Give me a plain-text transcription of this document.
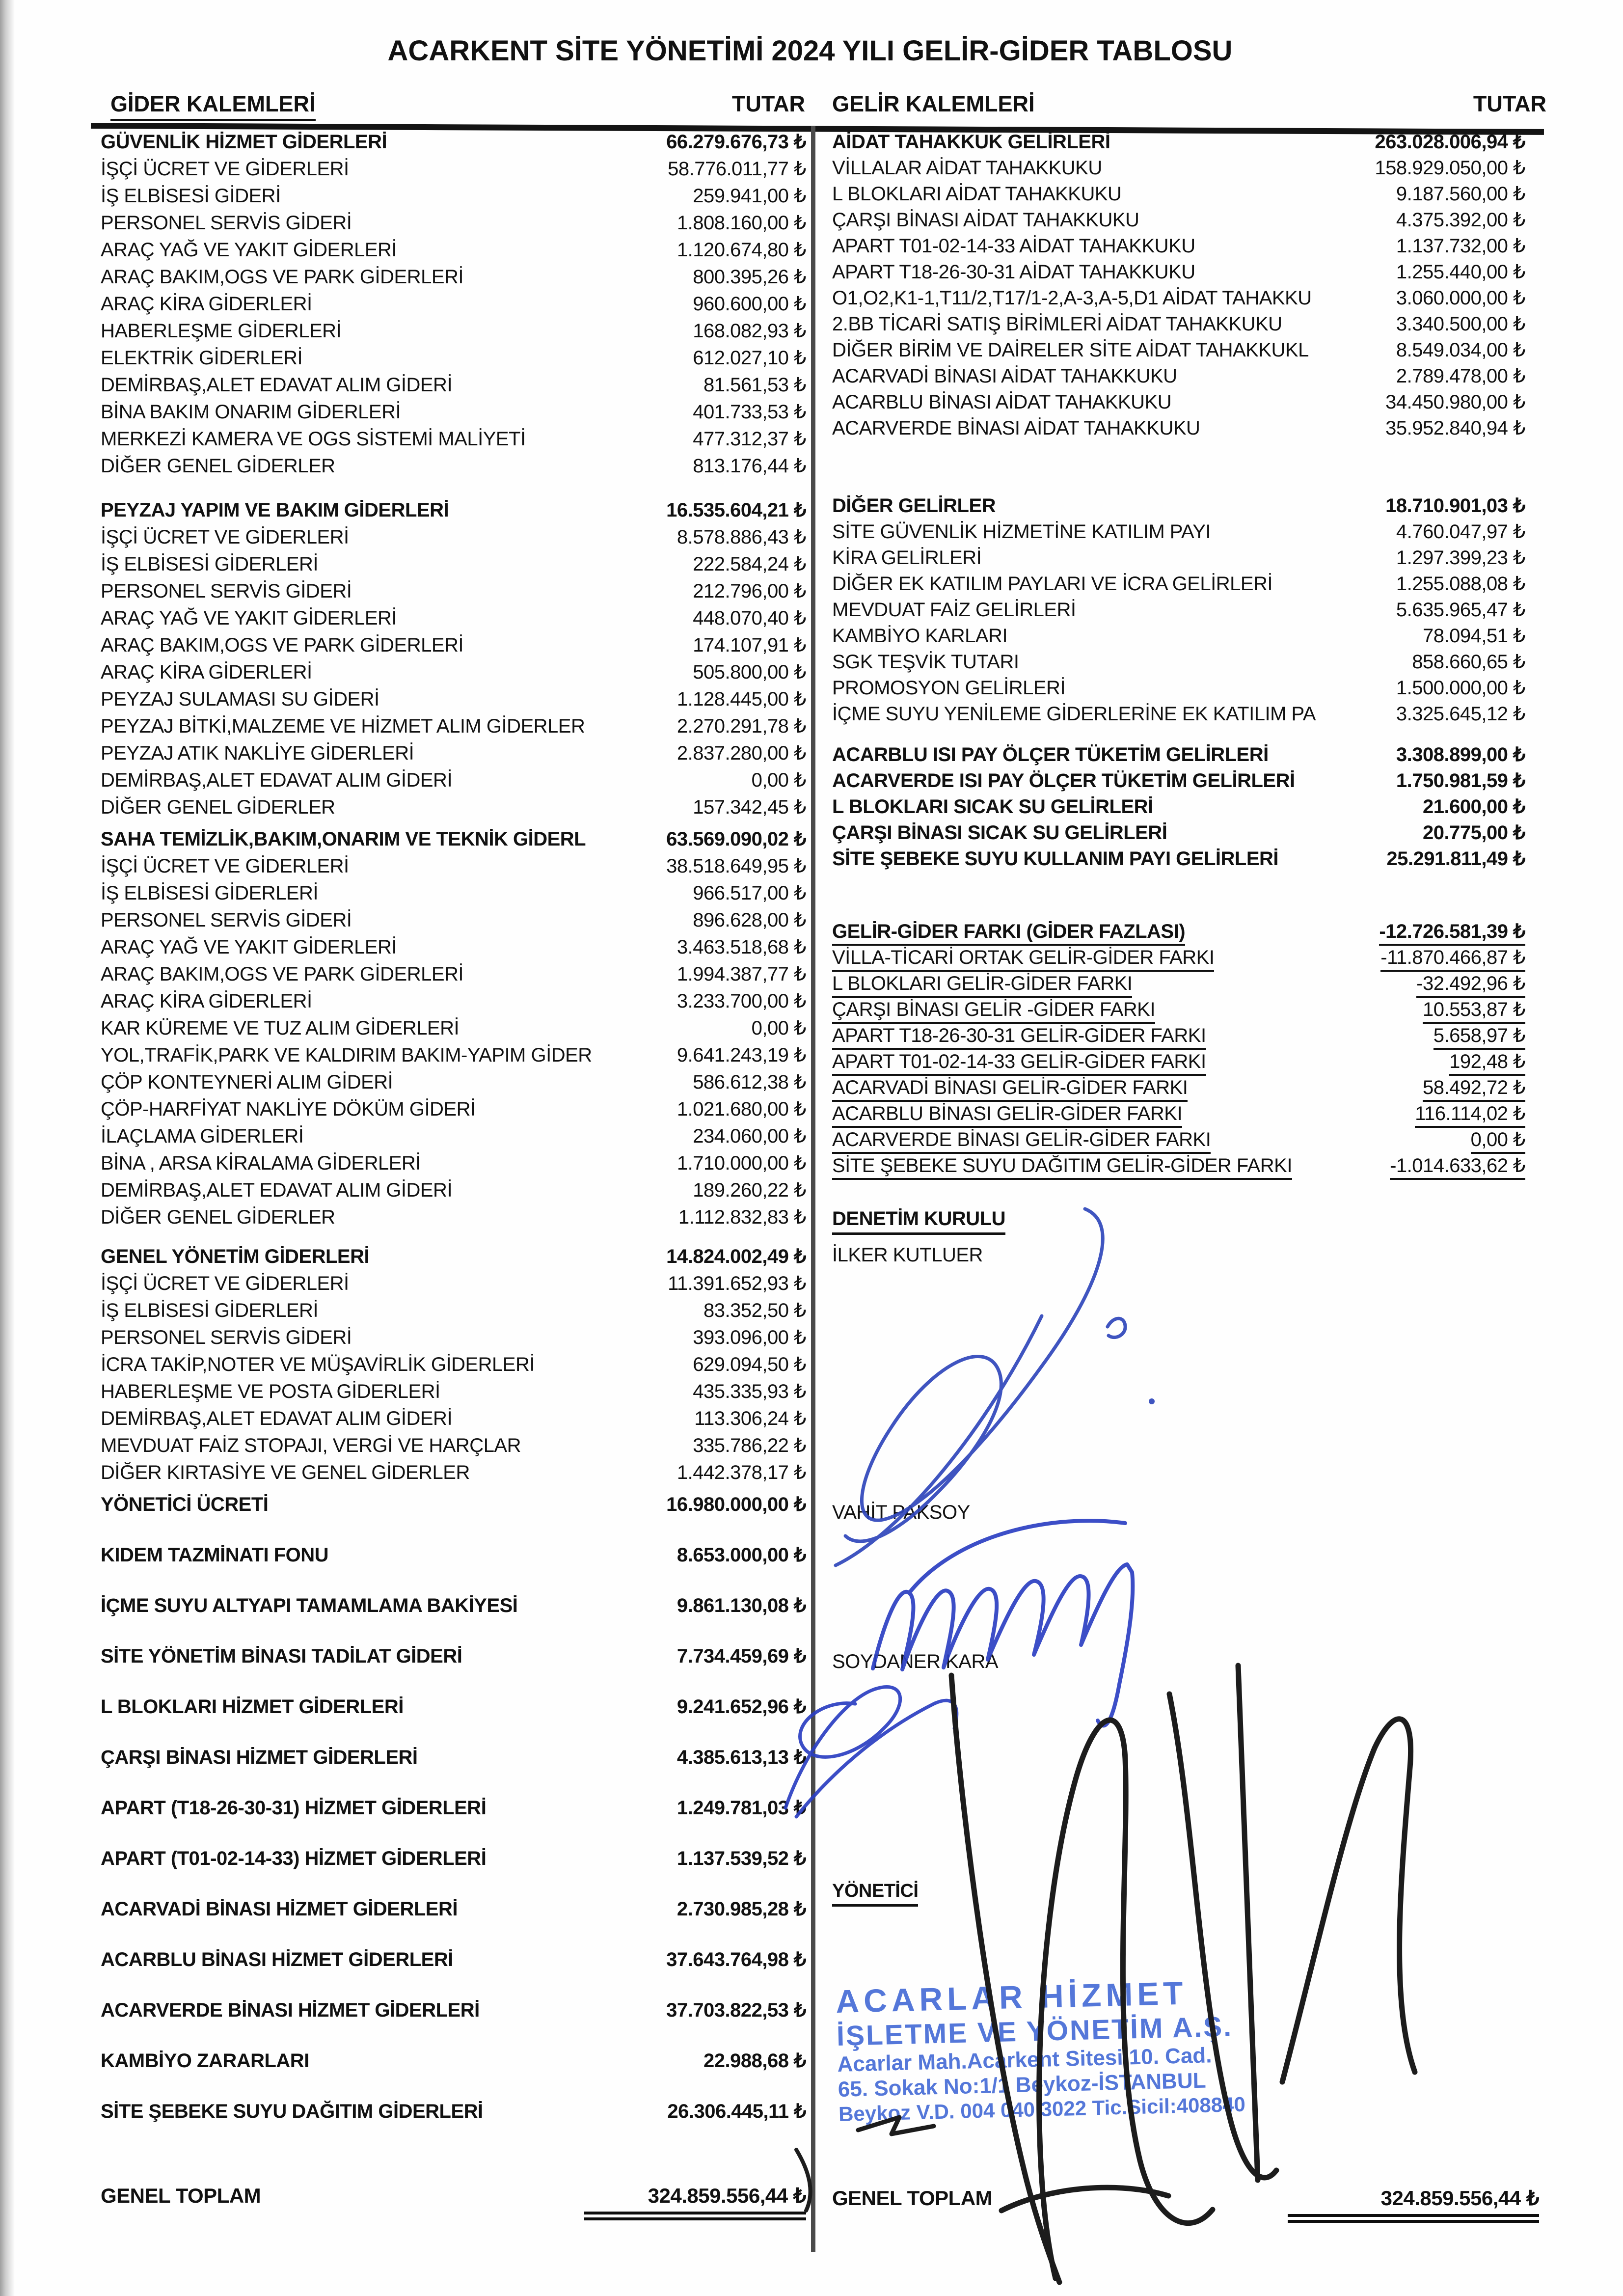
ACARKENT SİTE YÖNETİMİ 2024 YILI GELİR-GİDER TABLOSU
GİDER KALEMLERİ	TUTAR GELİR KALEMLERİ	TUTAR
GÜVENLİK HİZMET GİDERLERİ	66.279.676,73 ₺
İŞÇİ ÜCRET VE GİDERLERİ	58.776.011,77 ₺
İŞ ELBİSESİ GİDERİ	259.941,00 ₺
PERSONEL SERVİS GİDERİ	1.808.160,00 ₺
ARAÇ YAĞ VE YAKIT GİDERLERİ	1.120.674,80 ₺
ARAÇ BAKIM,OGS VE PARK GİDERLERİ	800.395,26 ₺
ARAÇ KİRA GİDERLERİ	960.600,00 ₺
HABERLEŞME GİDERLERİ	168.082,93 ₺
ELEKTRİK GİDERLERİ	612.027,10 ₺
DEMİRBAŞ,ALET EDAVAT ALIM GİDERİ	81.561,53 ₺
BİNA BAKIM ONARIM GİDERLERİ	401.733,53 ₺
MERKEZİ KAMERA VE OGS SİSTEMİ MALİYETİ	477.312,37 ₺
DİĞER GENEL GİDERLER	813.176,44 ₺
PEYZAJ YAPIM VE BAKIM GİDERLERİ	16.535.604,21 ₺
İŞÇİ ÜCRET VE GİDERLERİ	8.578.886,43 ₺
İŞ ELBİSESİ GİDERLERİ	222.584,24 ₺
PERSONEL SERVİS GİDERİ	212.796,00 ₺
ARAÇ YAĞ VE YAKIT GİDERLERİ	448.070,40 ₺
ARAÇ BAKIM,OGS VE PARK GİDERLERİ	174.107,91 ₺
ARAÇ KİRA GİDERLERİ	505.800,00 ₺
PEYZAJ SULAMASI SU GİDERİ	1.128.445,00 ₺
PEYZAJ BİTKİ,MALZEME VE HİZMET ALIM GİDERLER	2.270.291,78 ₺
PEYZAJ ATIK NAKLİYE GİDERLERİ	2.837.280,00 ₺
DEMİRBAŞ,ALET EDAVAT ALIM GİDERİ	0,00 ₺
DİĞER GENEL GİDERLER	157.342,45 ₺
SAHA TEMİZLİK,BAKIM,ONARIM VE TEKNİK GİDERL	63.569.090,02 ₺
İŞÇİ ÜCRET VE GİDERLERİ	38.518.649,95 ₺
İŞ ELBİSESİ GİDERLERİ	966.517,00 ₺
PERSONEL SERVİS GİDERİ	896.628,00 ₺
ARAÇ YAĞ VE YAKIT GİDERLERİ	3.463.518,68 ₺
ARAÇ BAKIM,OGS VE PARK GİDERLERİ	1.994.387,77 ₺
ARAÇ KİRA GİDERLERİ	3.233.700,00 ₺
KAR KÜREME VE TUZ ALIM GİDERLERİ	0,00 ₺
YOL,TRAFİK,PARK VE KALDIRIM BAKIM-YAPIM GİDER	9.641.243,19 ₺
ÇÖP KONTEYNERİ ALIM GİDERİ	586.612,38 ₺
ÇÖP-HARFİYAT NAKLİYE DÖKÜM GİDERİ	1.021.680,00 ₺
İLAÇLAMA GİDERLERİ	234.060,00 ₺
BİNA , ARSA KİRALAMA GİDERLERİ	1.710.000,00 ₺
DEMİRBAŞ,ALET EDAVAT ALIM GİDERİ	189.260,22 ₺
DİĞER GENEL GİDERLER	1.112.832,83 ₺
GENEL YÖNETİM GİDERLERİ	14.824.002,49 ₺
İŞÇİ ÜCRET VE GİDERLERİ	11.391.652,93 ₺
İŞ ELBİSESİ GİDERLERİ	83.352,50 ₺
PERSONEL SERVİS GİDERİ	393.096,00 ₺
İCRA TAKİP,NOTER VE MÜŞAVİRLİK GİDERLERİ	629.094,50 ₺
HABERLEŞME VE POSTA GİDERLERİ	435.335,93 ₺
DEMİRBAŞ,ALET EDAVAT ALIM GİDERİ	113.306,24 ₺
MEVDUAT FAİZ STOPAJI, VERGİ VE HARÇLAR	335.786,22 ₺
DİĞER KIRTASİYE VE GENEL GİDERLER	1.442.378,17 ₺
YÖNETİCİ ÜCRETİ	16.980.000,00 ₺
KIDEM TAZMİNATI FONU	8.653.000,00 ₺
İÇME SUYU ALTYAPI TAMAMLAMA BAKİYESİ	9.861.130,08 ₺
SİTE YÖNETİM BİNASI TADİLAT GİDERİ	7.734.459,69 ₺
L BLOKLARI HİZMET GİDERLERİ	9.241.652,96 ₺
ÇARŞI BİNASI HİZMET GİDERLERİ	4.385.613,13 ₺
APART (T18-26-30-31) HİZMET GİDERLERİ	1.249.781,03 ₺
APART (T01-02-14-33) HİZMET GİDERLERİ	1.137.539,52 ₺
ACARVADİ BİNASI HİZMET GİDERLERİ	2.730.985,28 ₺
ACARBLU BİNASI HİZMET GİDERLERİ	37.643.764,98 ₺
ACARVERDE BİNASI HİZMET GİDERLERİ	37.703.822,53 ₺
KAMBİYO ZARARLARI	22.988,68 ₺
SİTE ŞEBEKE SUYU DAĞITIM GİDERLERİ	26.306.445,11 ₺
GENEL TOPLAM	324.859.556,44 ₺
AİDAT TAHAKKUK GELİRLERİ	263.028.006,94 ₺
VİLLALAR AİDAT TAHAKKUKU	158.929.050,00 ₺
L BLOKLARI AİDAT TAHAKKUKU	9.187.560,00 ₺
ÇARŞI BİNASI AİDAT TAHAKKUKU	4.375.392,00 ₺
APART T01-02-14-33 AİDAT TAHAKKUKU	1.137.732,00 ₺
APART T18-26-30-31 AİDAT TAHAKKUKU	1.255.440,00 ₺
O1,O2,K1-1,T11/2,T17/1-2,A-3,A-5,D1 AİDAT TAHAKKU	3.060.000,00 ₺
2.BB TİCARİ SATIŞ BİRİMLERİ AİDAT TAHAKKUKU	3.340.500,00 ₺
DİĞER BİRİM VE DAİRELER SİTE AİDAT TAHAKKUKL	8.549.034,00 ₺
ACARVADİ BİNASI AİDAT TAHAKKUKU	2.789.478,00 ₺
ACARBLU BİNASI AİDAT TAHAKKUKU	34.450.980,00 ₺
ACARVERDE BİNASI AİDAT TAHAKKUKU	35.952.840,94 ₺
DİĞER GELİRLER	18.710.901,03 ₺
SİTE GÜVENLİK HİZMETİNE KATILIM PAYI	4.760.047,97 ₺
KİRA GELİRLERİ	1.297.399,23 ₺
DİĞER EK KATILIM PAYLARI VE İCRA GELİRLERİ	1.255.088,08 ₺
MEVDUAT FAİZ GELİRLERİ	5.635.965,47 ₺
KAMBİYO KARLARI	78.094,51 ₺
SGK TEŞVİK TUTARI	858.660,65 ₺
PROMOSYON GELİRLERİ	1.500.000,00 ₺
İÇME SUYU YENİLEME GİDERLERİNE EK KATILIM PA	3.325.645,12 ₺
ACARBLU ISI PAY ÖLÇER TÜKETİM GELİRLERİ	3.308.899,00 ₺
ACARVERDE ISI PAY ÖLÇER TÜKETİM GELİRLERİ	1.750.981,59 ₺
L BLOKLARI SICAK SU GELİRLERİ	21.600,00 ₺
ÇARŞI BİNASI SICAK SU GELİRLERİ	20.775,00 ₺
SİTE ŞEBEKE SUYU KULLANIM PAYI GELİRLERİ	25.291.811,49 ₺
GELİR-GİDER FARKI (GİDER FAZLASI)	-12.726.581,39 ₺
VİLLA-TİCARİ ORTAK GELİR-GİDER FARKI	-11.870.466,87 ₺
L BLOKLARI GELİR-GİDER FARKI	-32.492,96 ₺
ÇARŞI BİNASI GELİR -GİDER FARKI	10.553,87 ₺
APART T18-26-30-31 GELİR-GİDER FARKI	5.658,97 ₺
APART T01-02-14-33 GELİR-GİDER FARKI	192,48 ₺
ACARVADİ BİNASI GELİR-GİDER FARKI	58.492,72 ₺
ACARBLU BİNASI GELİR-GİDER FARKI	116.114,02 ₺
ACARVERDE BİNASI GELİR-GİDER FARKI	0,00 ₺
SİTE ŞEBEKE SUYU DAĞITIM GELİR-GİDER FARKI	-1.014.633,62 ₺
DENETİM KURULU
İLKER KUTLUER
VAHİT PAKSOY
SOYDANER KARA
YÖNETİCİ
ACARLAR HİZMET
İŞLETME VE YÖNETİM A.Ş.
Acarlar Mah.Acarkent Sitesi 10. Cad.
65. Sokak No:1/1 Beykoz-İSTANBUL
Beykoz V.D. 004 040 3022 Tic.Sicil:408840
GENEL TOPLAM	324.859.556,44 ₺
